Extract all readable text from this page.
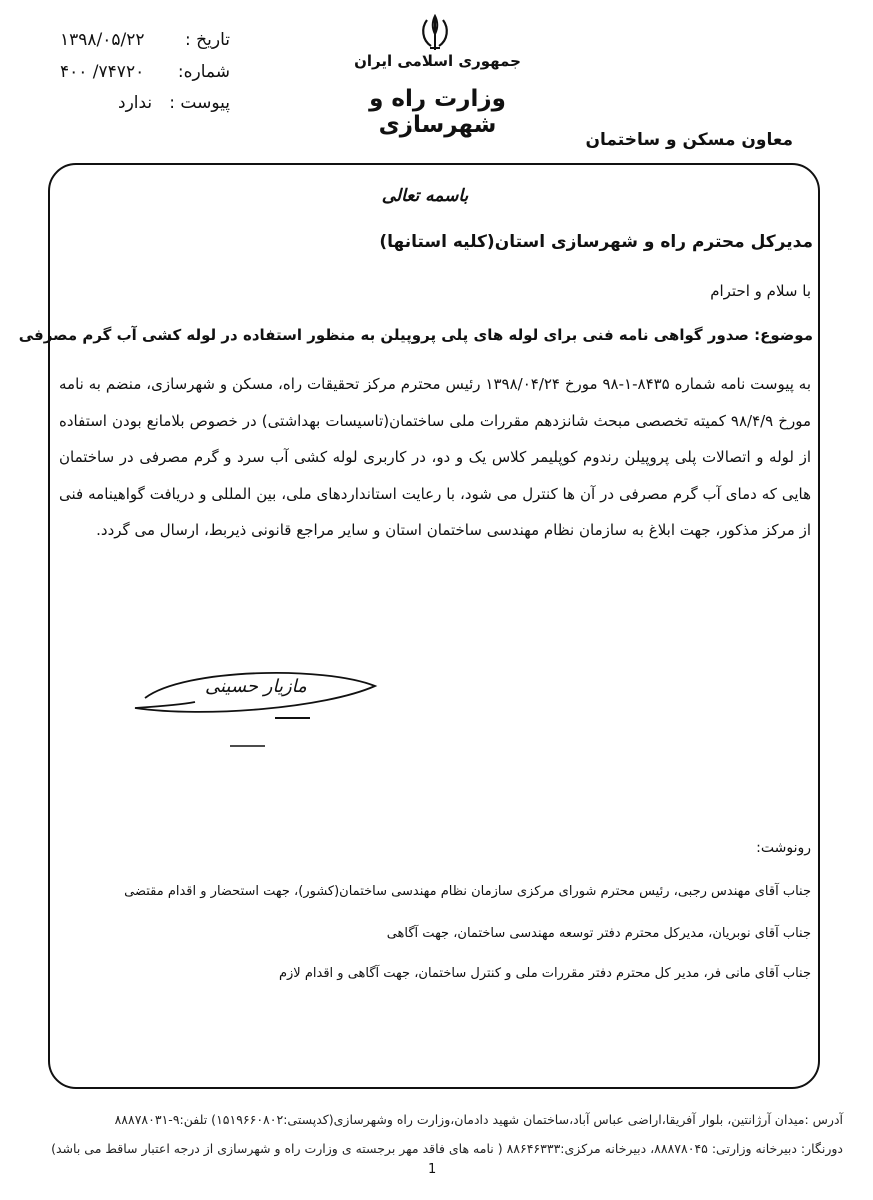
تاریخ :
۱۳۹۸/۰۵/۲۲
شماره:
۷۴۷۲۰/ ۴۰۰
پیوست :
ندارد
جمهوری اسلامی ایران
وزارت راه و شهرسازی
معاون مسکن و ساختمان
باسمه تعالی
مدیرکل محترم راه و شهرسازی استان(کلیه استانها)
با سلام و احترام
موضوع: صدور گواهی نامه فنی برای لوله های پلی پروپیلن به منظور استفاده در لوله کشی آب گرم مصرفی
به پیوست نامه شماره ۸۴۳۵-۱-۹۸ مورخ ۱۳۹۸/۰۴/۲۴ رئیس محترم مرکز تحقیقات راه، مسکن و شهرسازی، منضم به نامه مورخ ۹۸/۴/۹ کمیته تخصصی مبحث شانزدهم مقررات ملی ساختمان(تاسیسات بهداشتی) در خصوص بلامانع بودن استفاده از لوله و اتصالات پلی پروپیلن رندوم کوپلیمر کلاس یک و دو، در کاربری لوله کشی آب سرد و گرم مصرفی در ساختمان هایی که دمای آب گرم مصرفی در آن ها کنترل می شود، با رعایت استانداردهای ملی، بین المللی و دریافت گواهینامه فنی از مرکز مذکور، جهت ابلاغ به سازمان نظام مهندسی ساختمان استان و سایر مراجع قانونی ذیربط، ارسال می گردد.
مازیار حسینی
رونوشت:
جناب آقای مهندس رجبی، رئیس محترم شورای مرکزی سازمان نظام مهندسی ساختمان(کشور)، جهت استحضار و اقدام مقتضی
جناب آقای نوبریان، مدیرکل محترم دفتر توسعه مهندسی ساختمان، جهت آگاهی
جناب آقای مانی فر، مدیر کل محترم دفتر مقررات ملی و کنترل ساختمان، جهت آگاهی و اقدام لازم
آدرس :میدان آرژانتین، بلوار آفریقا،اراضی عباس آباد،ساختمان شهید دادمان،وزارت راه وشهرسازی(کدپستی:۱۵۱۹۶۶۰۸۰۲) تلفن:۹-۸۸۸۷۸۰۳۱
دورنگار: دبیرخانه وزارتی: ۸۸۸۷۸۰۴۵، دبیرخانه مرکزی:۸۸۶۴۶۳۳۳ ( نامه های فاقد مهر برجسته ی وزارت راه و شهرسازی از درجه اعتبار ساقط می باشد)
1
